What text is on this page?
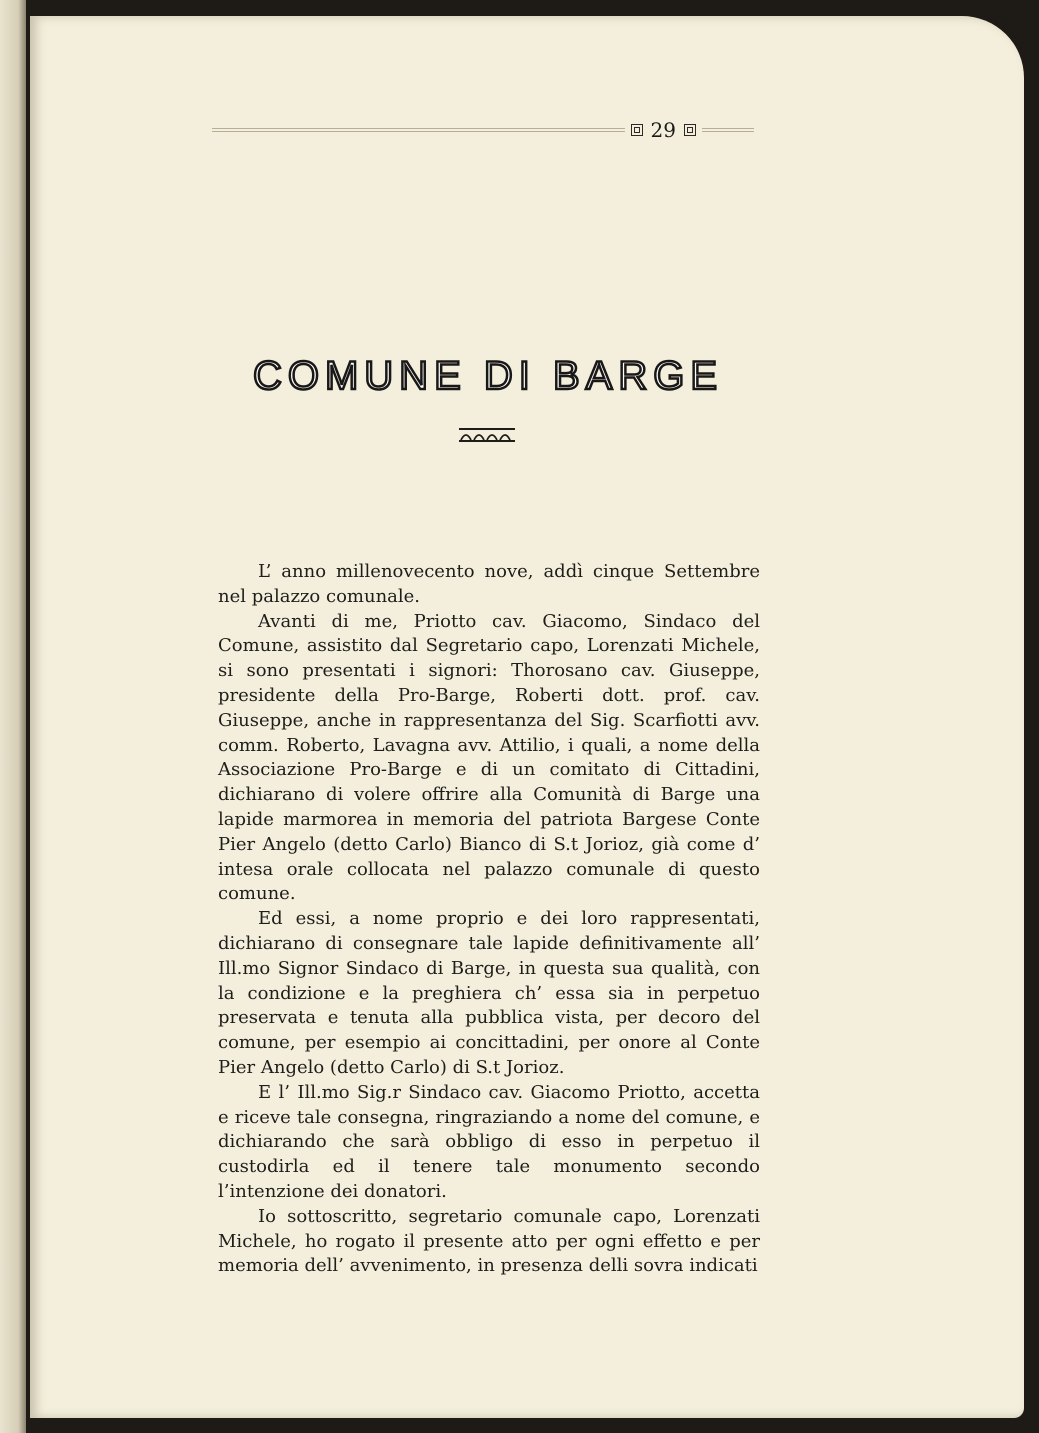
29
COMUNE DI BARGE

L’ anno millenovecento nove, addì cinque Settembre nel palazzo comunale.

Avanti di me, Priotto cav. Giacomo, Sindaco del Comune, assistito dal Segretario capo, Lorenzati Michele, si sono presentati i signori: Thorosano cav. Giuseppe, presidente della Pro-Barge, Roberti dott. prof. cav. Giuseppe, anche in rappresentanza del Sig. Scarfiotti avv. comm. Roberto, Lavagna avv. Attilio, i quali, a nome della Associazione Pro-Barge e di un comitato di Cittadini, dichiarano di volere offrire alla Comunità di Barge una lapide marmorea in memoria del patriota Bargese Conte Pier Angelo (detto Carlo) Bianco di S.t Jorioz, già come d’ intesa orale collocata nel palazzo comunale di questo comune.

Ed essi, a nome proprio e dei loro rappresentati, dichiarano di consegnare tale lapide definitivamente all’ Ill.mo Signor Sindaco di Barge, in questa sua qualità, con la condizione e la preghiera ch’ essa sia in perpetuo preservata e tenuta alla pubblica vista, per decoro del comune, per esempio ai concittadini, per onore al Conte Pier Angelo (detto Carlo) di S.t Jorioz.

E l’ Ill.mo Sig.r Sindaco cav. Giacomo Priotto, accetta e riceve tale consegna, ringraziando a nome del comune, e dichiarando che sarà obbligo di esso in perpetuo il custodirla ed il tenere tale monumento secondo l’intenzione dei donatori.

Io sottoscritto, segretario comunale capo, Lorenzati Michele, ho rogato il presente atto per ogni effetto e per memoria dell’ avvenimento, in presenza delli sovra indicati
